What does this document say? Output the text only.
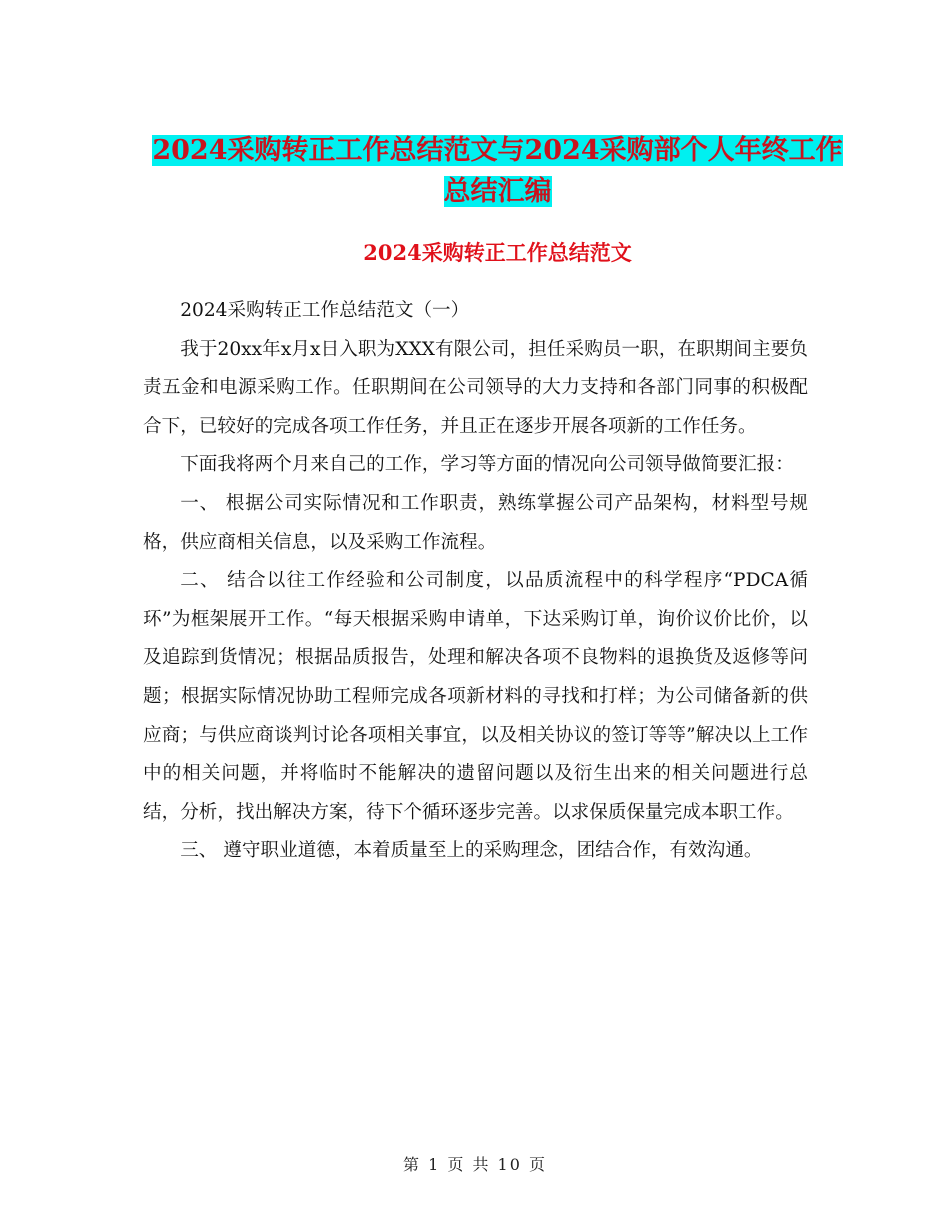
2024采购转正工作总结范文与2024采购部个人年终工作总结汇编
2024采购转正工作总结范文

2024采购转正工作总结范文（一）

我于20xx年x月x日入职为XXX有限公司，担任采购员一职，在职期间主要负责五金和电源采购工作。任职期间在公司领导的大力支持和各部门同事的积极配合下，已较好的完成各项工作任务，并且正在逐步开展各项新的工作任务。

下面我将两个月来自己的工作，学习等方面的情况向公司领导做简要汇报：

一、 根据公司实际情况和工作职责，熟练掌握公司产品架构，材料型号规格，供应商相关信息，以及采购工作流程。

二、 结合以往工作经验和公司制度，以品质流程中的科学程序“PDCA循环”为框架展开工作。“每天根据采购申请单，下达采购订单，询价议价比价，以及追踪到货情况；根据品质报告，处理和解决各项不良物料的退换货及返修等问题；根据实际情况协助工程师完成各项新材料的寻找和打样；为公司储备新的供应商；与供应商谈判讨论各项相关事宜，以及相关协议的签订等等”解决以上工作中的相关问题，并将临时不能解决的遗留问题以及衍生出来的相关问题进行总结，分析，找出解决方案，待下个循环逐步完善。以求保质保量完成本职工作。

三、 遵守职业道德，本着质量至上的采购理念，团结合作，有效沟通。

第 1 页 共 10 页
